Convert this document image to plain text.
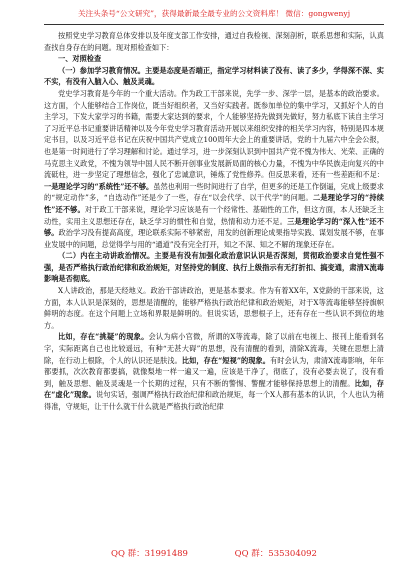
关注头条号“公文研究”，获得最新最全最专业的公文资料库！ 微信：gongwenyj

按照党史学习教育总体安排以及年度支部工作安排，通过自我检视、深刻剖析，联系思想和实际，认真查找自身存在的问题。现对照检查如下：

一、对照检查

（一）参加学习教育情况。主要是态度是否端正，指定学习材料读了没有、读了多少，学得深不深、实不实，有没有入脑入心、触及灵魂。

党史学习教育是今年的一个重大活动。作为政工干部来说，先学一步、深学一层，是基本的政治要求。这方面，个人能够结合工作岗位，既当好组织者，又当好实践者。既参加单位的集中学习，又抓好个人的自主学习，下发大家学习的书籍，需要大家达到的要求，个人能够坚持先做到先做好，努力私底下读自主学习了习近平总书记重要讲话精神以及今年党史学习教育活动开展以来组织安排的相关学习内容，特别是四本规定书目，以及习近平总书记在庆祝中国共产党成立100周年大会上的重要讲话，党的十九届六中全会公报，也是第一时间进行了学习理解和讨论。通过学习，进一步深刻认识到中国共产党不愧为伟大、光荣、正确的马克思主义政党，不愧为领导中国人民不断开创事业发展新局面的核心力量，不愧为中华民族走向复兴的中流砥柱，进一步坚定了理想信念，强化了忠诚意识，锤炼了党性修养。但反思来看，还有一些差距和不足：一是理论学习的“系统性”还不够。虽然也利用一些时间进行了自学，但更多的还是工作倒逼，完成上级要求的“规定动作”多，“自选动作”还是少了一些，存在“以会代学、以干代学”的问题。二是理论学习的“持续性”还不够。对于政工干部来说，理论学习应该是有一个经常性、基础性的工作，但这方面，本人还缺乏主动性，实用主义思想还存在，缺乏学习的惯性和自觉，热情和动力还不足。三是理论学习的“深入性”还不够。政治学习没有提高高度，理论联系实际不够紧密，用发的创新理论成果指导实践、谋划发展不够，在事业发展中的问题，总觉得学与用的“通道”没有完全打开，知之不深、知之不解的现象还存在。

（二）内在主动讲政治情况。主要是有没有加强化政治意识认识是否深刻，贯彻政治要求自觉性强不强，是否严格执行政治纪律和政治规矩，对坚持党的制度、执行上级指示有无打折扣、搞变通，肃清X流毒影响是否彻底。

X人讲政治，那是天经地义。政治干部讲政治，更是基本要求。作为有着XX年，X党龄的干部来说，这方面，本人认识是深刻的，思想是清醒的，能够严格执行政治纪律和政治规矩，对于X等流毒能够坚持旗帜鲜明的态度。在这个问题上立场和界限是鲜明的。但说实话，思想根子上，还有存在一些认识不到位的地方。

比如，存在“挑疑”的现象。会认为病小官微，所谓的X等流毒，除了以前在电视上、报刊上能看到名字，实际距离自己也比较遥远，有种“无甚大碍”的思想，没有清醒的看到，清除X流毒，关键在思想上清除，在行动上根除，个人的认识还是肤浅。比如，存在“短视”的现象。有时会认为，肃清X流毒影响，年年都要抓，次次教育都要搞，就像梨地一样一遍又一遍，应该是干净了，彻底了，没有必要去说了，没有看到，触及思想、触及灵魂是一个长期的过程，只有不断的警惕、警醒才能够保持思想上的清醒。比如，存在“虚化”现象。说句实话，强调严格执行政治纪律和政治规矩，每一个X人都有基本的认识，个人也认为稍得准，守规矩，让干什么就干什么就是严格执行政治纪律

QQ 群：31991489	QQ 群：535304092
